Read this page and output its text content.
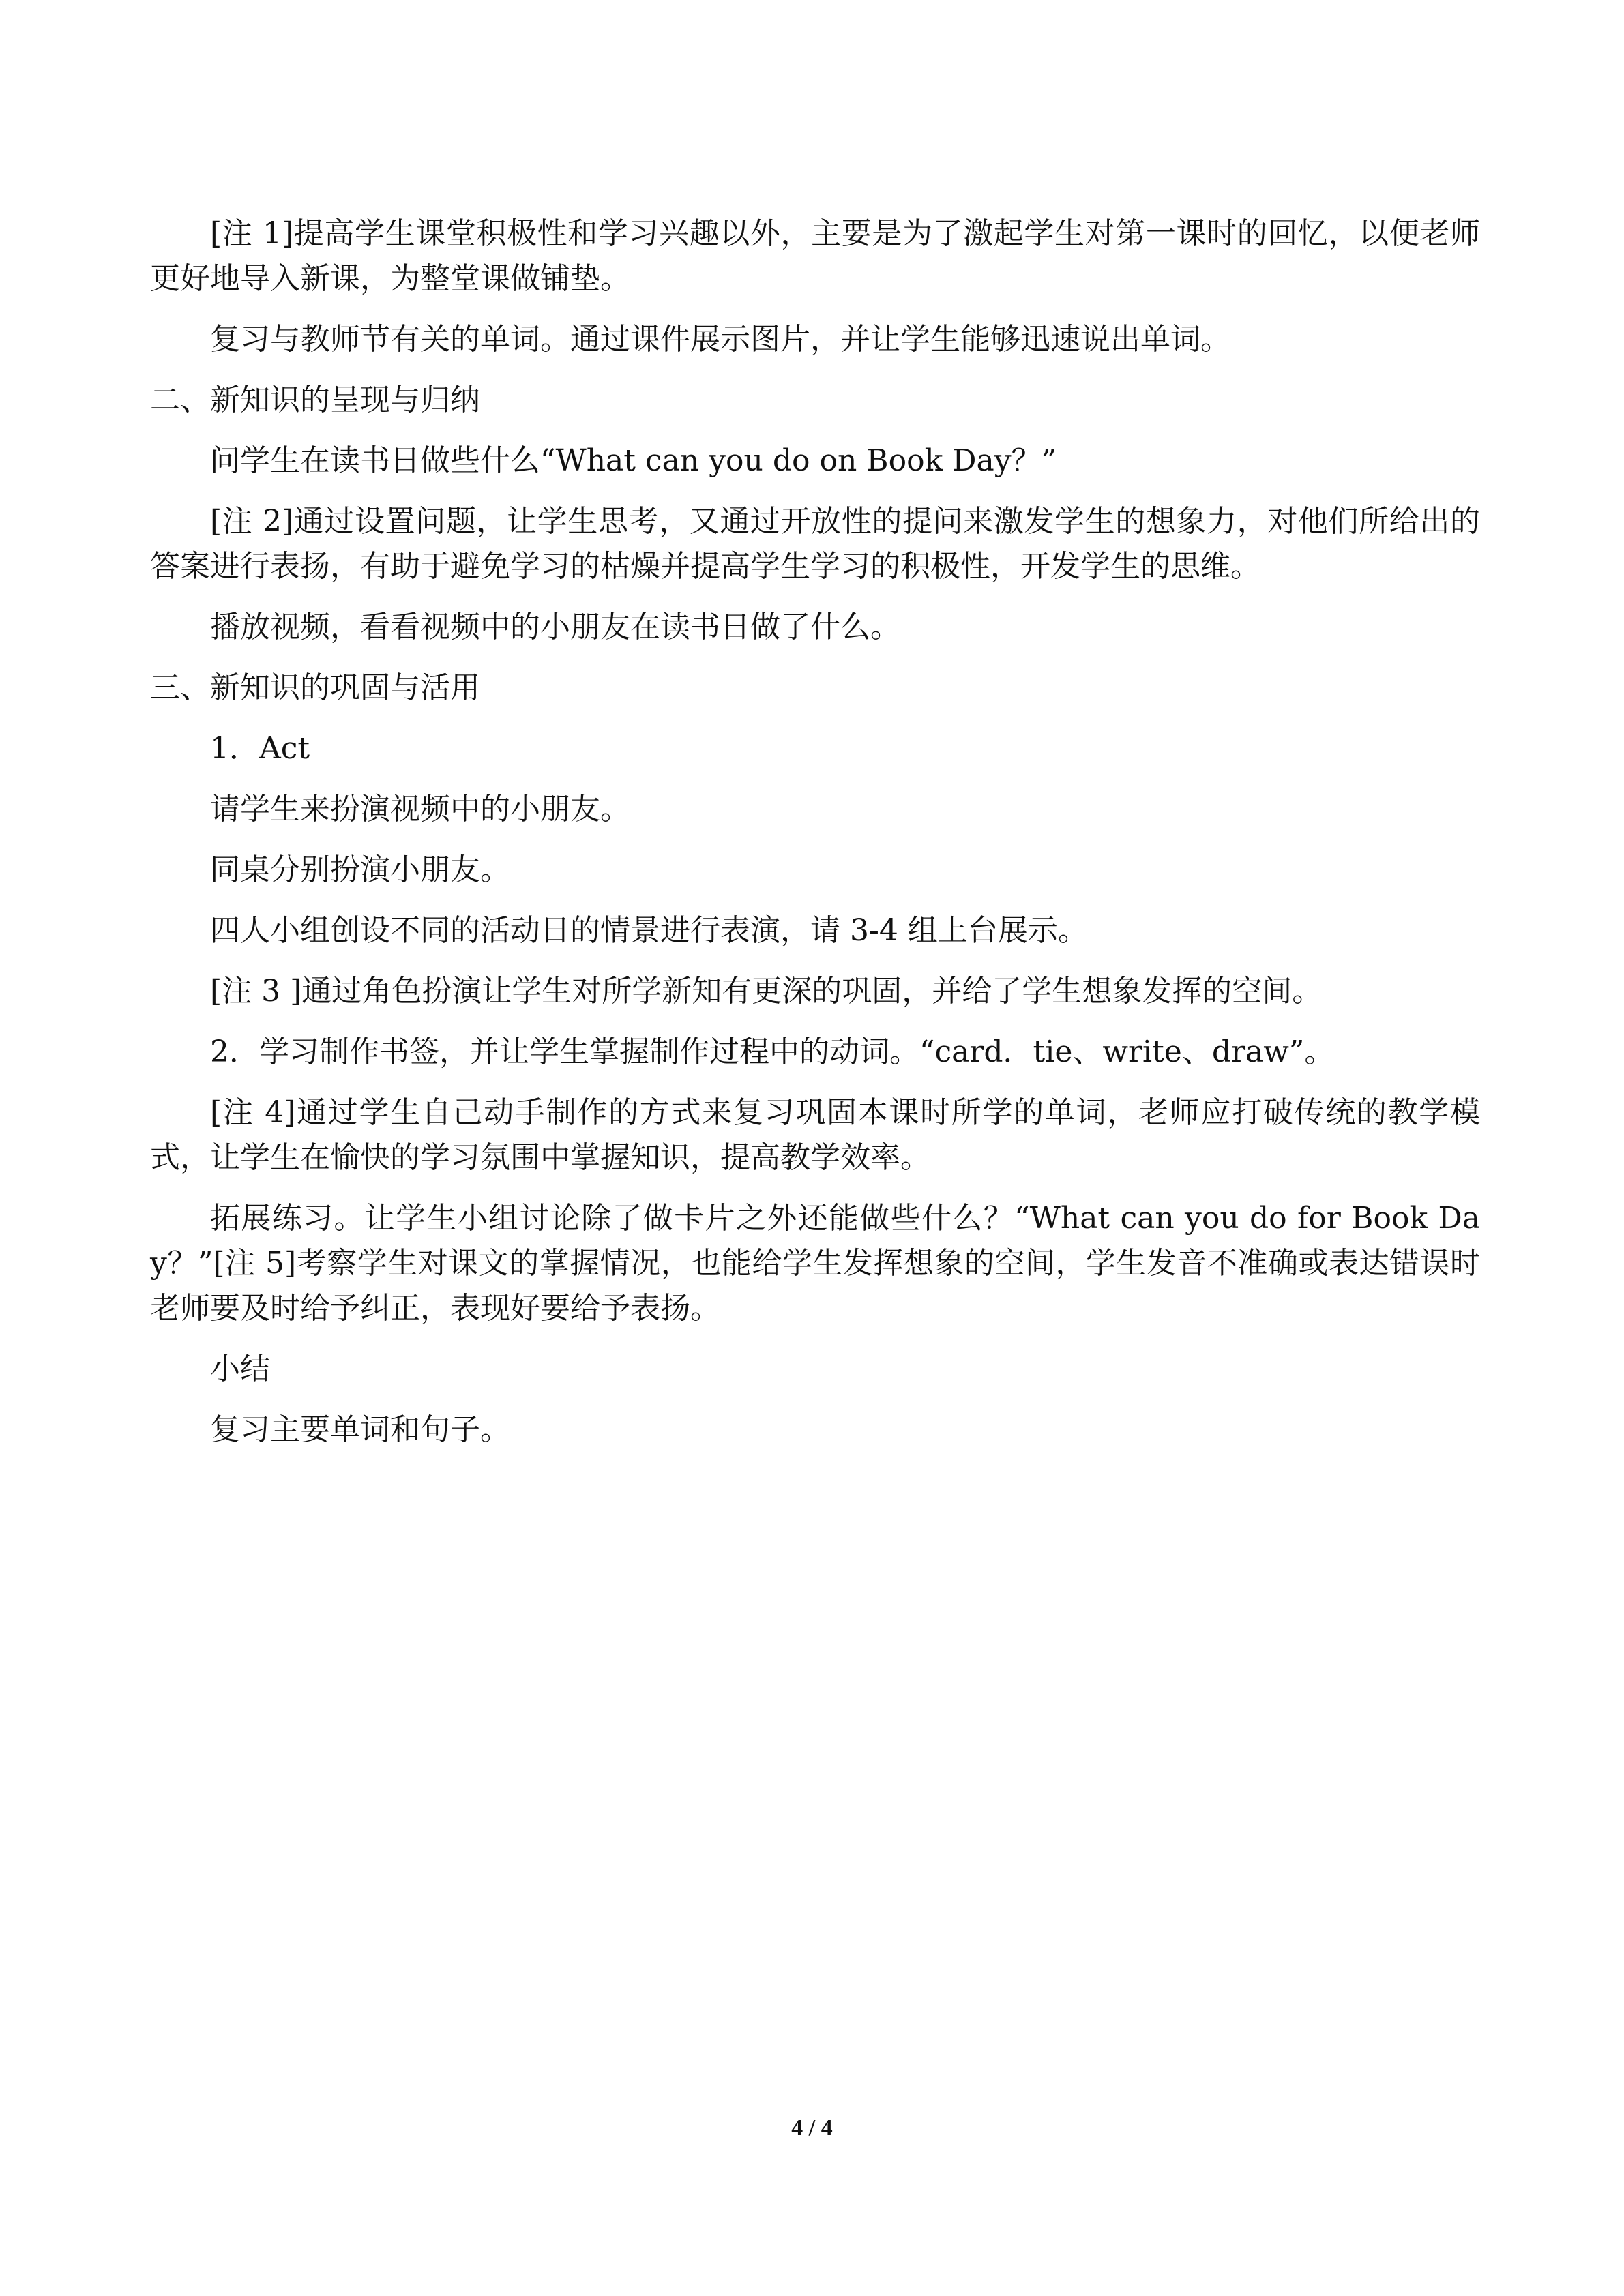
[注 1]提高学生课堂积极性和学习兴趣以外，主要是为了激起学生对第一课时的回忆，以便老师更好地导入新课，为整堂课做铺垫。

复习与教师节有关的单词。通过课件展示图片，并让学生能够迅速说出单词。

二、新知识的呈现与归纳

问学生在读书日做些什么“What can you do on Book Day？”

[注 2]通过设置问题，让学生思考，又通过开放性的提问来激发学生的想象力，对他们所给出的答案进行表扬，有助于避免学习的枯燥并提高学生学习的积极性，开发学生的思维。

播放视频，看看视频中的小朋友在读书日做了什么。

三、新知识的巩固与活用

1．Act

请学生来扮演视频中的小朋友。

同桌分别扮演小朋友。

四人小组创设不同的活动日的情景进行表演，请 3-4 组上台展示。

[注 3 ]通过角色扮演让学生对所学新知有更深的巩固，并给了学生想象发挥的空间。

2．学习制作书签，并让学生掌握制作过程中的动词。“card．tie、write、draw”。

[注 4]通过学生自己动手制作的方式来复习巩固本课时所学的单词，老师应打破传统的教学模式，让学生在愉快的学习氛围中掌握知识，提高教学效率。

拓展练习。让学生小组讨论除了做卡片之外还能做些什么？“What can you do for Book Day？”[注 5]考察学生对课文的掌握情况，也能给学生发挥想象的空间，学生发音不准确或表达错误时老师要及时给予纠正，表现好要给予表扬。

小结

复习主要单词和句子。

4 / 4
